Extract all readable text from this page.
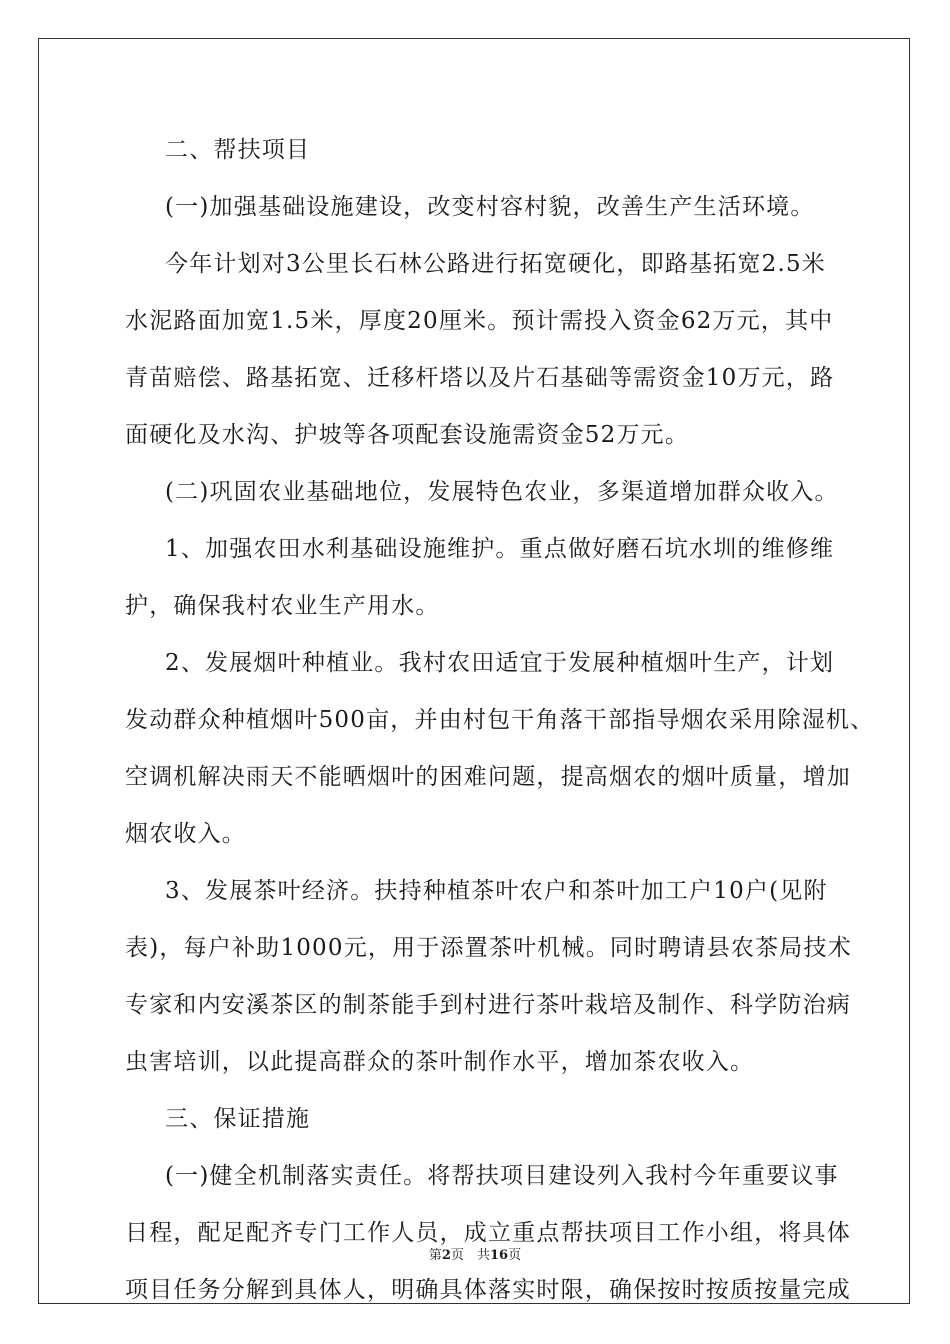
二、帮扶项目
(一)加强基础设施建设，改变村容村貌，改善生产生活环境。
今年计划对3公里长石林公路进行拓宽硬化，即路基拓宽2.5米
水泥路面加宽1.5米，厚度20厘米。预计需投入资金62万元，其中
青苗赔偿、路基拓宽、迁移杆塔以及片石基础等需资金10万元，路
面硬化及水沟、护坡等各项配套设施需资金52万元。
(二)巩固农业基础地位，发展特色农业，多渠道增加群众收入。
1、加强农田水利基础设施维护。重点做好磨石坑水圳的维修维
护，确保我村农业生产用水。
2、发展烟叶种植业。我村农田适宜于发展种植烟叶生产，计划
发动群众种植烟叶500亩，并由村包干角落干部指导烟农采用除湿机、
空调机解决雨天不能晒烟叶的困难问题，提高烟农的烟叶质量，增加
烟农收入。
3、发展茶叶经济。扶持种植茶叶农户和茶叶加工户10户(见附
表)，每户补助1000元，用于添置茶叶机械。同时聘请县农茶局技术
专家和内安溪茶区的制茶能手到村进行茶叶栽培及制作、科学防治病
虫害培训，以此提高群众的茶叶制作水平，增加茶农收入。
三、保证措施
(一)健全机制落实责任。将帮扶项目建设列入我村今年重要议事
日程，配足配齐专门工作人员，成立重点帮扶项目工作小组，将具体
项目任务分解到具体人，明确具体落实时限，确保按时按质按量完成
第2页　共16页
